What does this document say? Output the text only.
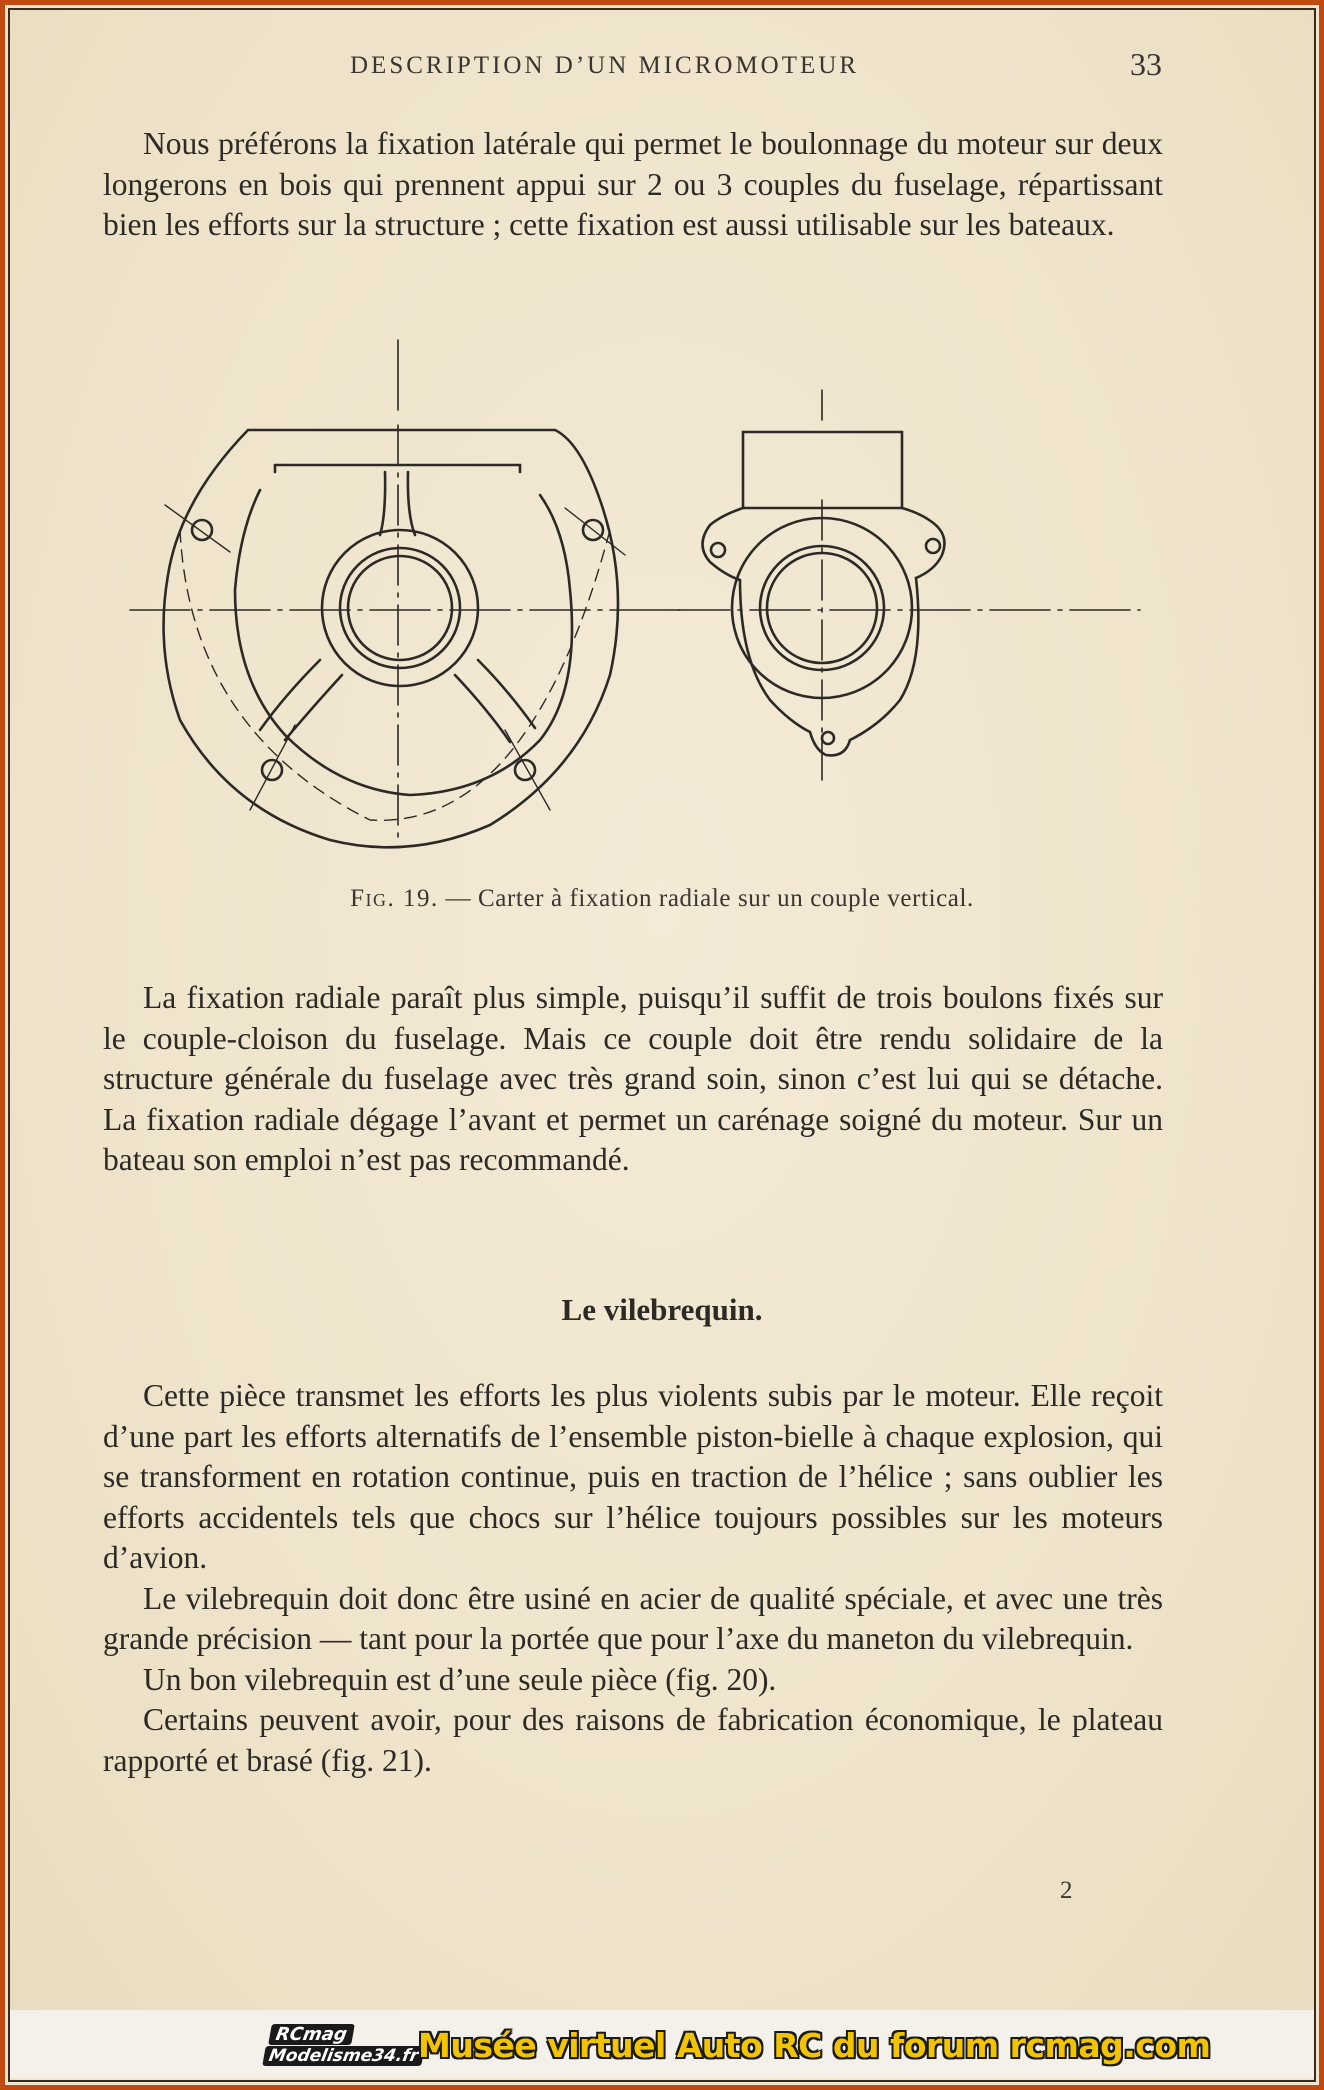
DESCRIPTION D’UN MICROMOTEUR	33

Nous préférons la fixation latérale qui permet le boulonnage du moteur sur deux longerons en bois qui prennent appui sur 2 ou 3 couples du fuselage, répartissant bien les efforts sur la structure ; cette fixation est aussi utilisable sur les bateaux.

Fig. 19. — Carter à fixation radiale sur un couple vertical.

La fixation radiale paraît plus simple, puisqu’il suffit de trois boulons fixés sur le couple-cloison du fuselage. Mais ce couple doit être rendu solidaire de la structure générale du fuselage avec très grand soin, sinon c’est lui qui se détache. La fixation radiale dégage l’avant et permet un carénage soigné du moteur. Sur un bateau son emploi n’est pas recommandé.

Le vilebrequin.

Cette pièce transmet les efforts les plus violents subis par le moteur. Elle reçoit d’une part les efforts alternatifs de l’ensemble piston-bielle à chaque explosion, qui se transforment en rotation continue, puis en traction de l’hélice ; sans oublier les efforts accidentels tels que chocs sur l’hélice toujours possibles sur les moteurs d’avion.

Le vilebrequin doit donc être usiné en acier de qualité spéciale, et avec une très grande précision — tant pour la portée que pour l’axe du maneton du vilebrequin.

Un bon vilebrequin est d’une seule pièce (fig. 20).

Certains peuvent avoir, pour des raisons de fabrication économique, le plateau rapporté et brasé (fig. 21).

2
RCmag
Modelisme34.fr
Musée virtuel Auto RC du forum rcmag.com
